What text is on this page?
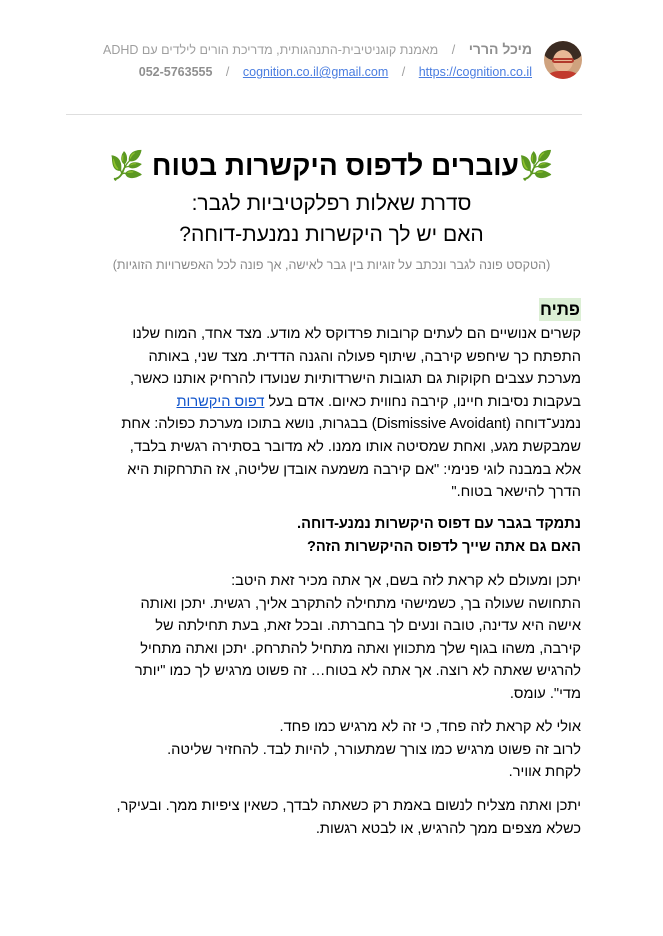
מיכל הררי / מאמנת קוגניטיבית-התנהגותית, מדריכת הורים לילדים עם ADHD
052-5763555 / cognition.co.il@gmail.com / https://cognition.co.il
🌿עוברים לדפוס היקשרות בטוח 🌿
סדרת שאלות רפלקטיביות לגבר:
האם יש לך היקשרות נמנעת-דוחה?
(הטקסט פונה לגבר ונכתב על זוגיות בין גבר לאישה, אך פונה לכל האפשרויות הזוגיות)
פתיח
קשרים אנושיים הם לעתים קרובות פרדוקס לא מודע. מצד אחד, המוח שלנו
התפתח כך שיחפש קירבה, שיתוף פעולה והגנה הדדית. מצד שני, באותה
מערכת עצבים חקוקות גם תגובות הישרדותיות שנועדו להרחיק אותנו כאשר,
בעקבות נסיבות חיינו, קירבה נחווית כאיום. אדם בעל דפוס היקשרות
נמנע־דוחה (Dismissive Avoidant) בבגרות, נושא בתוכו מערכת כפולה: אחת
שמבקשת מגע, ואחת שמסיטה אותו ממנו. לא מדובר בסתירה רגשית בלבד,
אלא במבנה לוגי פנימי: "אם קירבה משמעה אובדן שליטה, אז התרחקות היא
הדרך להישאר בטוח."
נתמקד בגבר עם דפוס היקשרות נמנע-דוחה.
האם גם אתה שייך לדפוס ההיקשרות הזה?
יתכן ומעולם לא קראת לזה בשם, אך אתה מכיר זאת היטב:
התחושה שעולה בך, כשמישהי מתחילה להתקרב אליך, רגשית. יתכן ואותה
אישה היא עדינה, טובה ונעים לך בחברתה. ובכל זאת, בעת תחילתה של
קירבה, משהו בגוף שלך מתכווץ ואתה מתחיל להתרחק. יתכן ואתה מתחיל
להרגיש שאתה לא רוצה. אך אתה לא בטוח… זה פשוט מרגיש לך כמו "יותר
מדי". עומס.
אולי לא קראת לזה פחד, כי זה לא מרגיש כמו פחד.
לרוב זה פשוט מרגיש כמו צורך שמתעורר, להיות לבד. להחזיר שליטה.
לקחת אוויר.
יתכן ואתה מצליח לנשום באמת רק כשאתה לבדך, כשאין ציפיות ממך. ובעיקר,
כשלא מצפים ממך להרגיש, או לבטא רגשות.
